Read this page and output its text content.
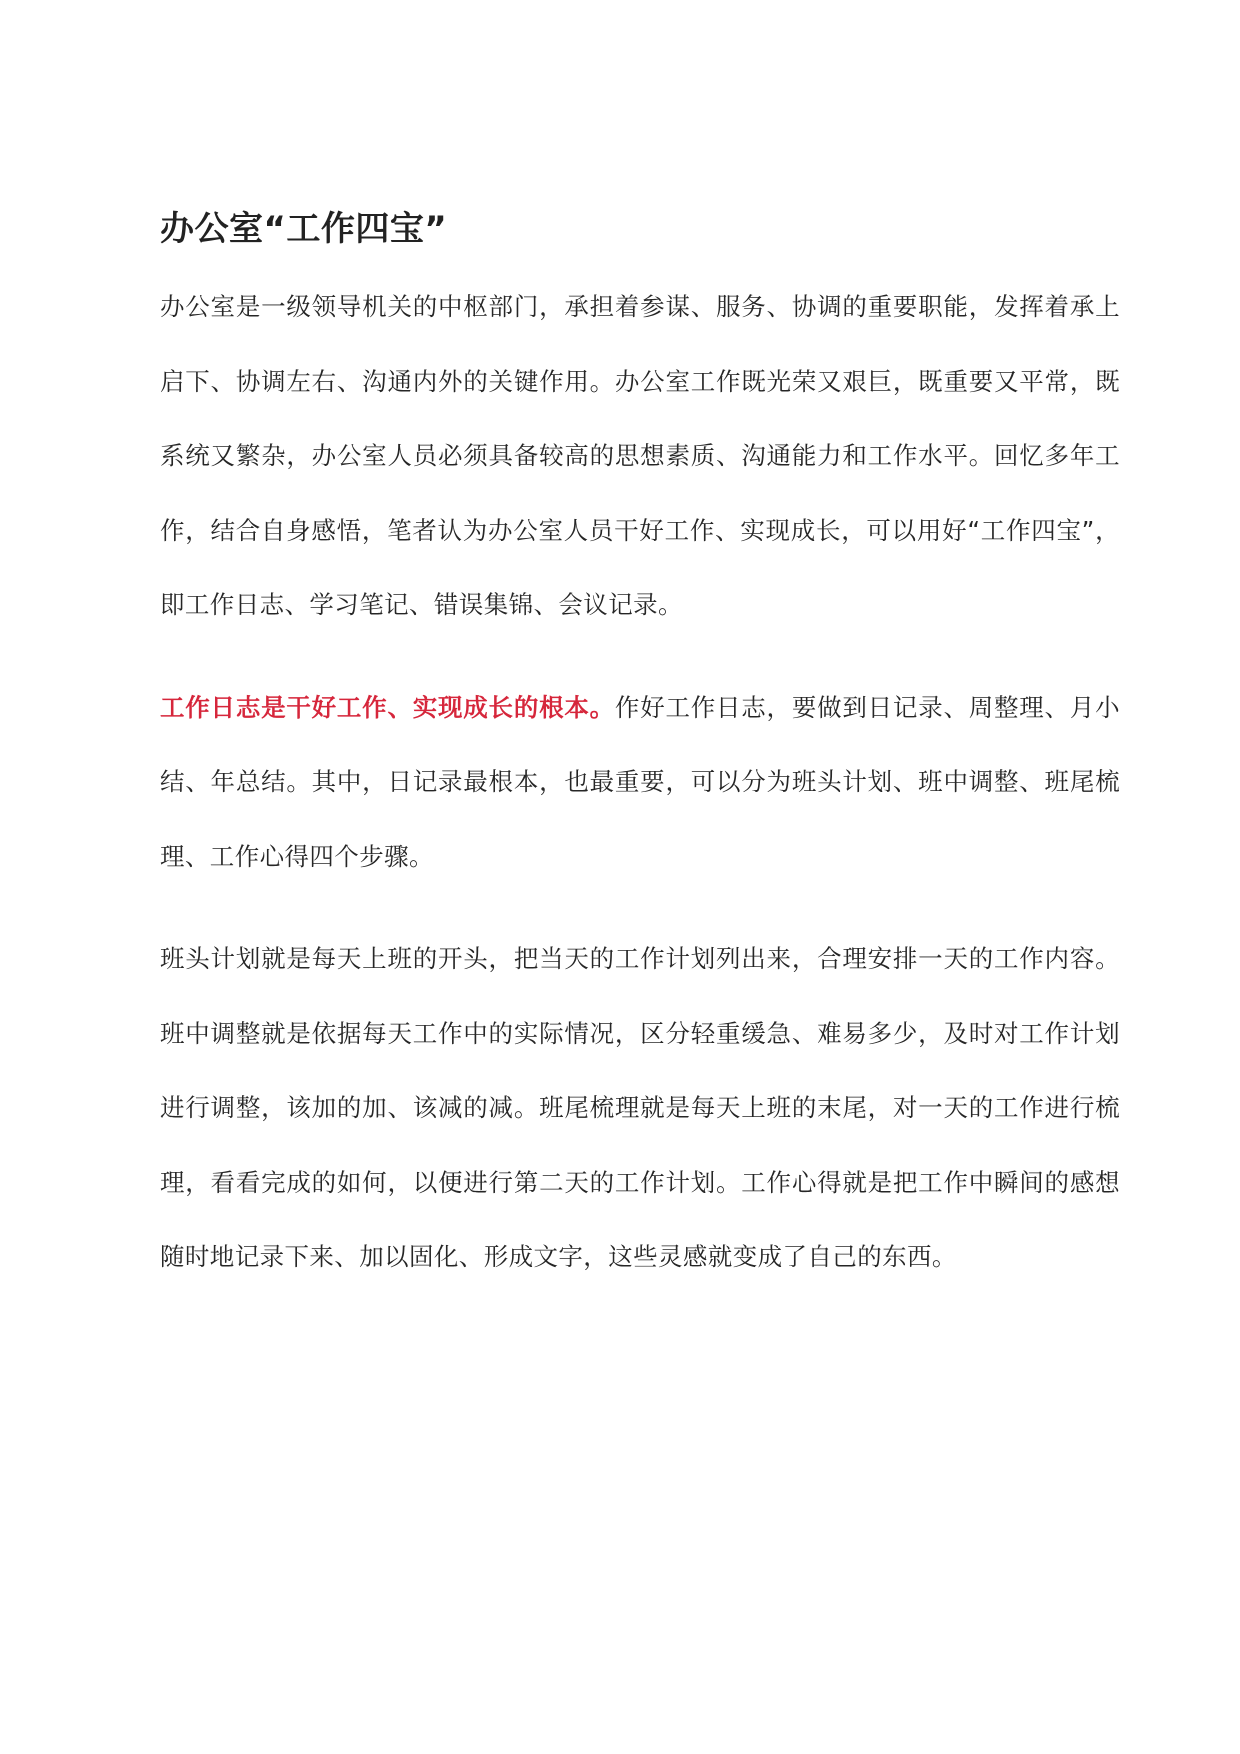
办公室“工作四宝”

办公室是一级领导机关的中枢部门，承担着参谋、服务、协调的重要职能，发挥着承上启下、协调左右、沟通内外的关键作用。办公室工作既光荣又艰巨，既重要又平常，既系统又繁杂，办公室人员必须具备较高的思想素质、沟通能力和工作水平。回忆多年工作，结合自身感悟，笔者认为办公室人员干好工作、实现成长，可以用好“工作四宝”，即工作日志、学习笔记、错误集锦、会议记录。

工作日志是干好工作、实现成长的根本。作好工作日志，要做到日记录、周整理、月小结、年总结。其中，日记录最根本，也最重要，可以分为班头计划、班中调整、班尾梳理、工作心得四个步骤。

班头计划就是每天上班的开头，把当天的工作计划列出来，合理安排一天的工作内容。班中调整就是依据每天工作中的实际情况，区分轻重缓急、难易多少，及时对工作计划进行调整，该加的加、该减的减。班尾梳理就是每天上班的末尾，对一天的工作进行梳理，看看完成的如何，以便进行第二天的工作计划。工作心得就是把工作中瞬间的感想随时地记录下来、加以固化、形成文字，这些灵感就变成了自己的东西。
